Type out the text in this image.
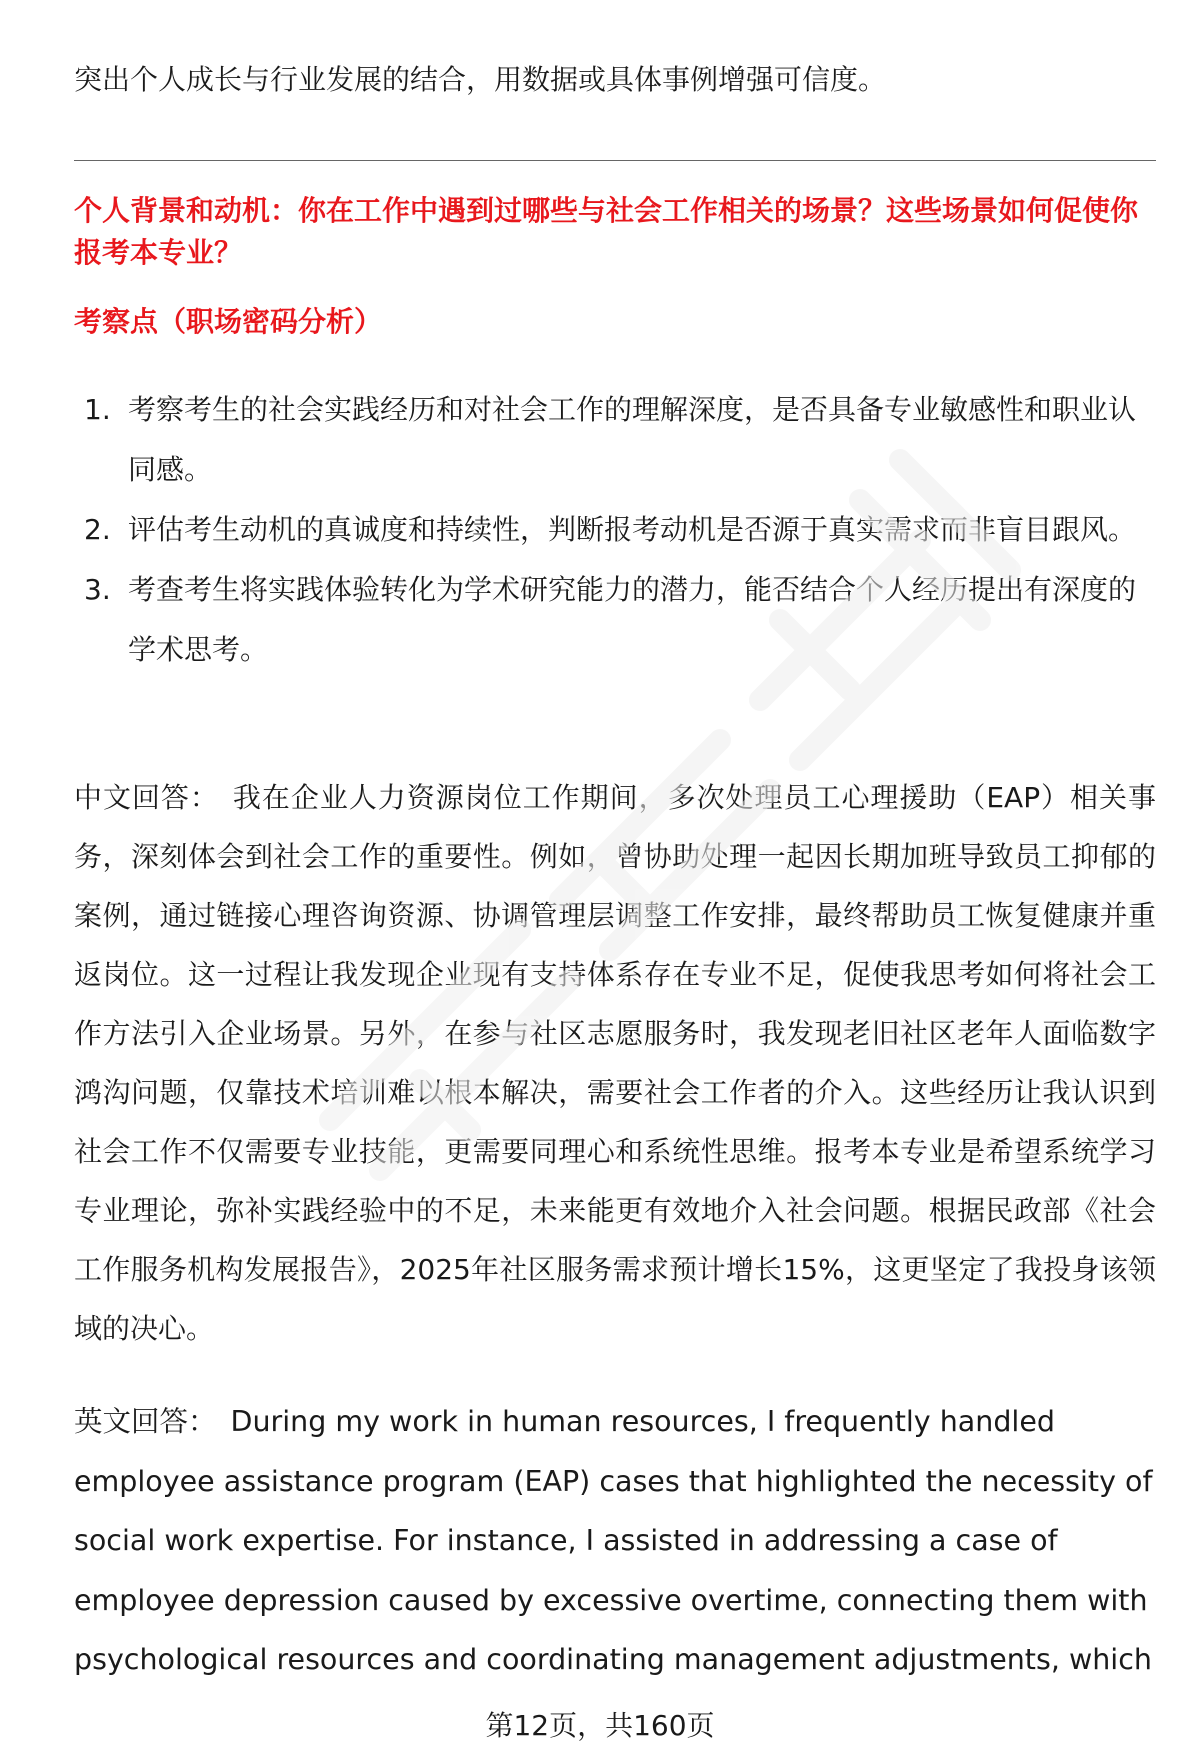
突出个人成长与行业发展的结合，用数据或具体事例增强可信度。

个人背景和动机：你在工作中遇到过哪些与社会工作相关的场景？这些场景如何促使你报考本专业？
考察点（职场密码分析）
1. 考察考生的社会实践经历和对社会工作的理解深度，是否具备专业敏感性和职业认同感。
2. 评估考生动机的真诚度和持续性，判断报考动机是否源于真实需求而非盲目跟风。
3. 考查考生将实践体验转化为学术研究能力的潜力，能否结合个人经历提出有深度的学术思考。

中文回答： 我在企业人力资源岗位工作期间，多次处理员工心理援助（EAP）相关事务，深刻体会到社会工作的重要性。例如，曾协助处理一起因长期加班导致员工抑郁的案例，通过链接心理咨询资源、协调管理层调整工作安排，最终帮助员工恢复健康并重返岗位。这一过程让我发现企业现有支持体系存在专业不足，促使我思考如何将社会工作方法引入企业场景。另外，在参与社区志愿服务时，我发现老旧社区老年人面临数字鸿沟问题，仅靠技术培训难以根本解决，需要社会工作者的介入。这些经历让我认识到社会工作不仅需要专业技能，更需要同理心和系统性思维。报考本专业是希望系统学习专业理论，弥补实践经验中的不足，未来能更有效地介入社会问题。根据民政部《社会工作服务机构发展报告》，2025年社区服务需求预计增长15%，这更坚定了我投身该领域的决心。

英文回答： During my work in human resources, I frequently handled employee assistance program (EAP) cases that highlighted the necessity of social work expertise. For instance, I assisted in addressing a case of employee depression caused by excessive overtime, connecting them with psychological resources and coordinating management adjustments, which

第12页，共160页
